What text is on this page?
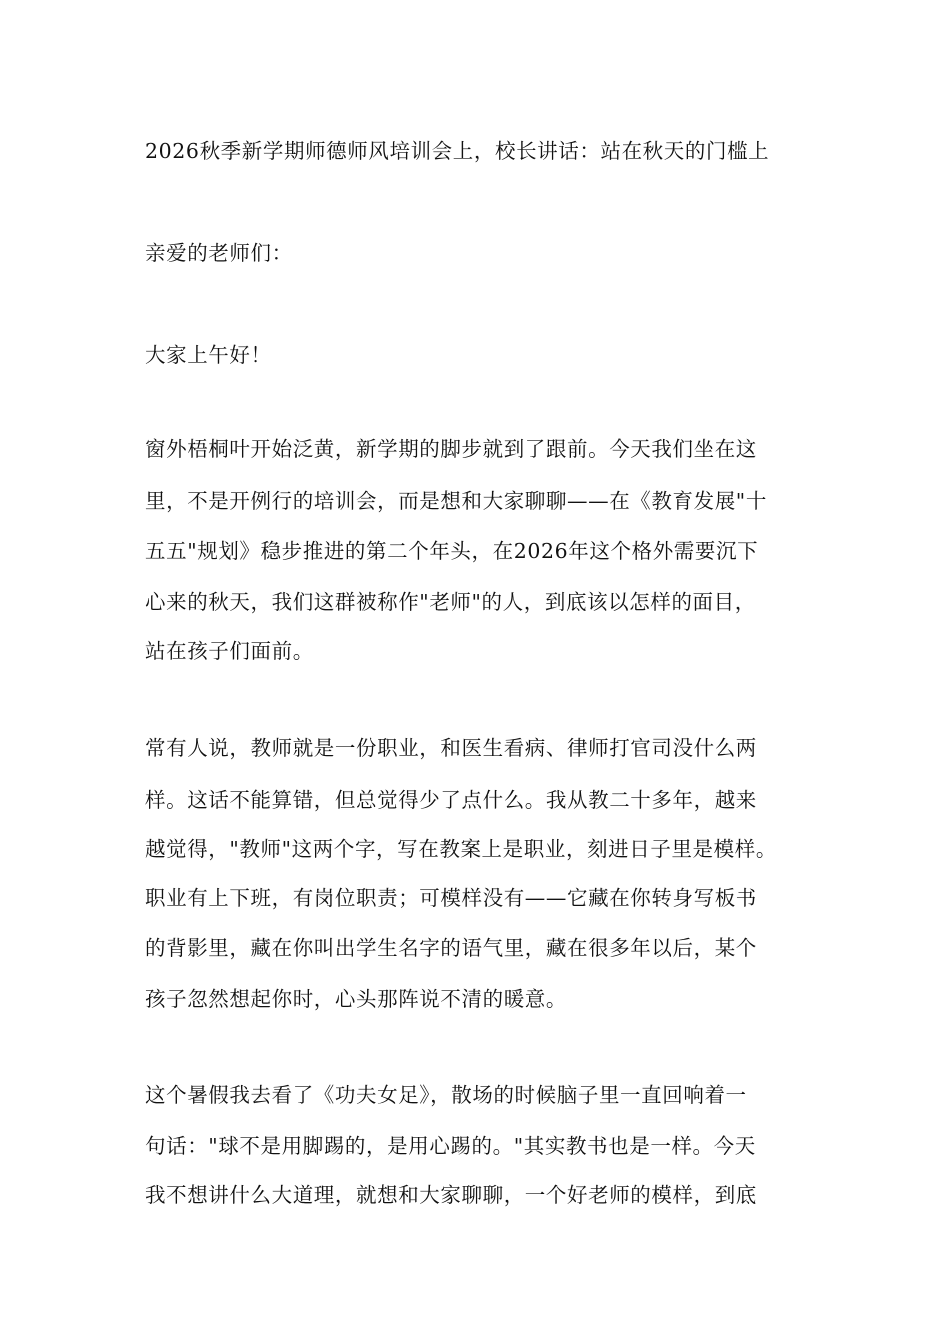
2026秋季新学期师德师风培训会上，校长讲话：站在秋天的门槛上
亲爱的老师们：
大家上午好！
窗外梧桐叶开始泛黄，新学期的脚步就到了跟前。今天我们坐在这
里，不是开例行的培训会，而是想和大家聊聊——在《教育发展"十
五五"规划》稳步推进的第二个年头，在2026年这个格外需要沉下
心来的秋天，我们这群被称作"老师"的人，到底该以怎样的面目，
站在孩子们面前。
常有人说，教师就是一份职业，和医生看病、律师打官司没什么两
样。这话不能算错，但总觉得少了点什么。我从教二十多年，越来
越觉得，"教师"这两个字，写在教案上是职业，刻进日子里是模样。
职业有上下班，有岗位职责；可模样没有——它藏在你转身写板书
的背影里，藏在你叫出学生名字的语气里，藏在很多年以后，某个
孩子忽然想起你时，心头那阵说不清的暖意。
这个暑假我去看了《功夫女足》，散场的时候脑子里一直回响着一
句话："球不是用脚踢的，是用心踢的。"其实教书也是一样。今天
我不想讲什么大道理，就想和大家聊聊，一个好老师的模样，到底
